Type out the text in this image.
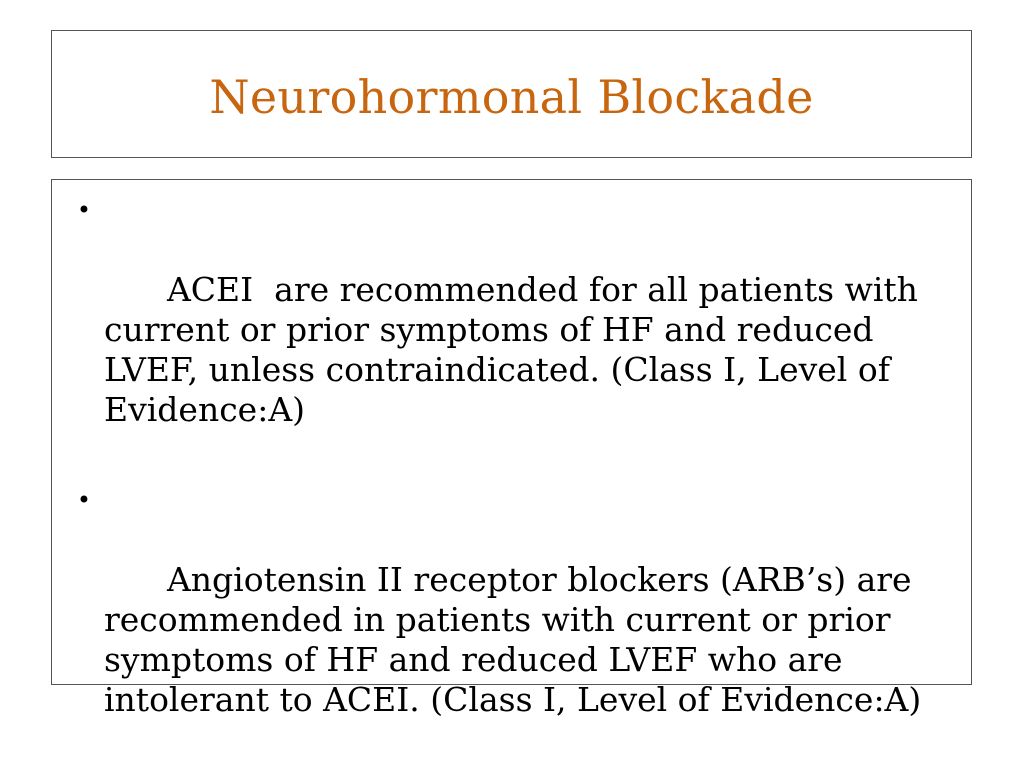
Neurohormonal Blockade

•

ACEI  are recommended for all patients with current or prior symptoms of HF and reduced LVEF, unless contraindicated. (Class I, Level of Evidence:A)

•

Angiotensin II receptor blockers (ARB’s) are recommended in patients with current or prior symptoms of HF and reduced LVEF who are intolerant to ACEI. (Class I, Level of Evidence:A)
